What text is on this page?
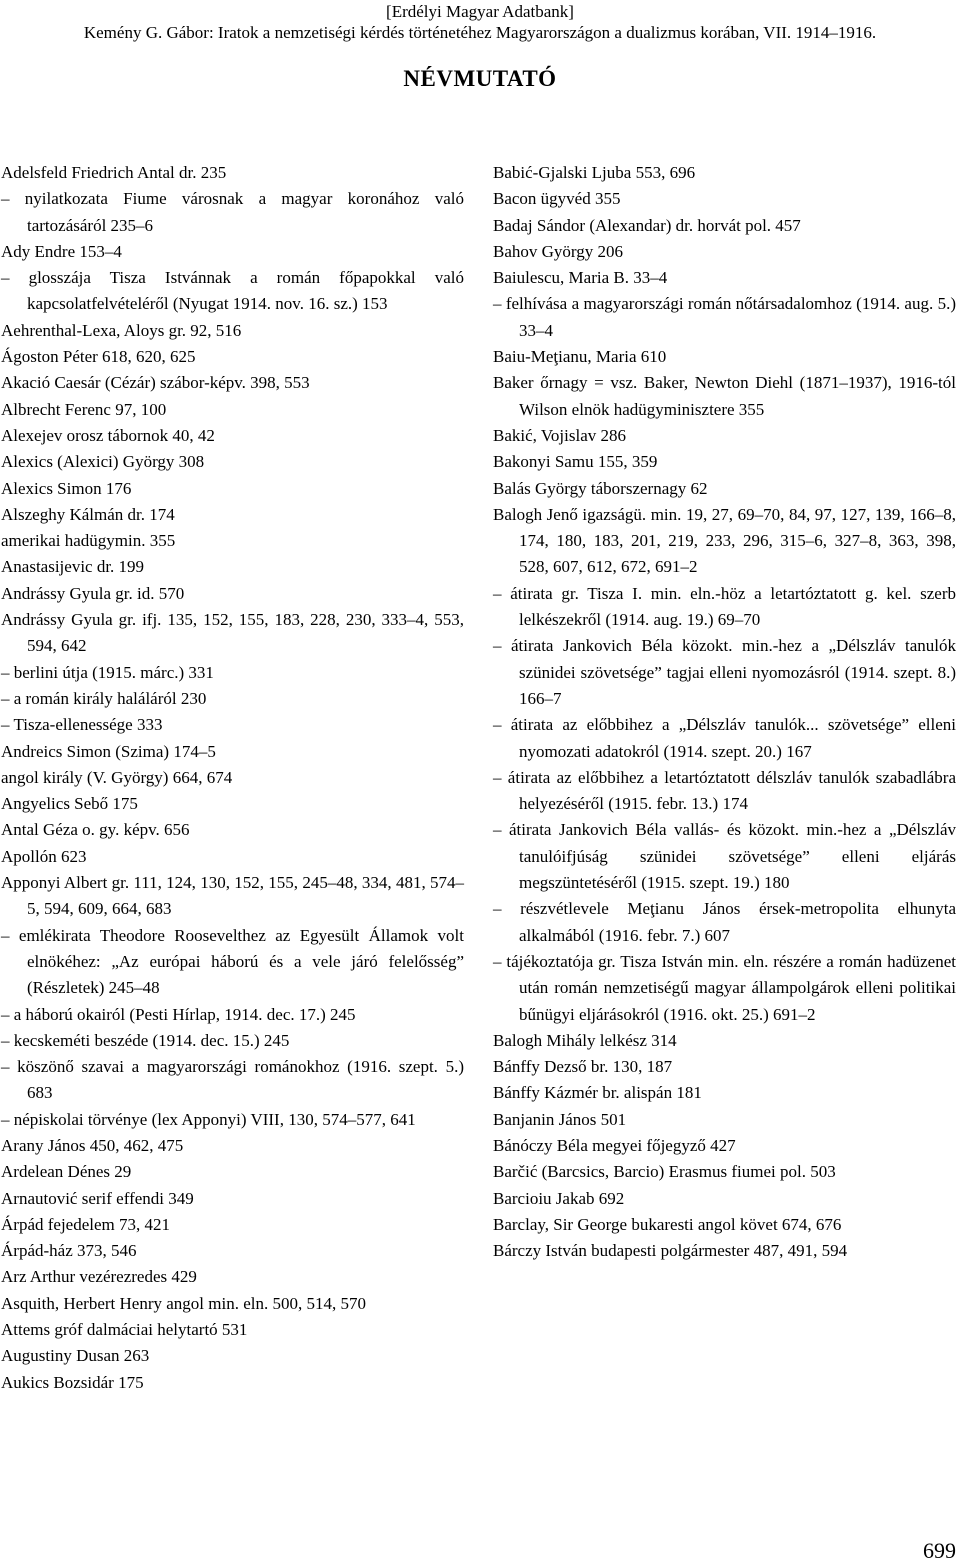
[Erdélyi Magyar Adatbank]
Kemény G. Gábor: Iratok a nemzetiségi kérdés történetéhez Magyarországon a dualizmus korában, VII. 1914–1916.
NÉVMUTATÓ

Adelsfeld Friedrich Antal dr. 235

– nyilatkozata Fiume városnak a magyar koronához való tartozásáról 235–6

Ady Endre 153–4

– glosszája Tisza Istvánnak a román főpapokkal való kapcsolatfelvételéről (Nyugat 1914. nov. 16. sz.) 153

Aehrenthal-Lexa, Aloys gr. 92, 516

Ágoston Péter 618, 620, 625

Akació Caesár (Cézár) szábor-képv. 398, 553

Albrecht Ferenc 97, 100

Alexejev orosz tábornok 40, 42

Alexics (Alexici) György 308

Alexics Simon 176

Alszeghy Kálmán dr. 174

amerikai hadügymin. 355

Anastasijevic dr. 199

Andrássy Gyula gr. id. 570

Andrássy Gyula gr. ifj. 135, 152, 155, 183, 228, 230, 333–4, 553, 594, 642

– berlini útja (1915. márc.) 331

– a román király haláláról 230

– Tisza-ellenessége 333

Andreics Simon (Szima) 174–5

angol király (V. György) 664, 674

Angyelics Sebő 175

Antal Géza o. gy. képv. 656

Apollón 623

Apponyi Albert gr. 111, 124, 130, 152, 155, 245–48, 334, 481, 574–5, 594, 609, 664, 683

– emlékirata Theodore Roosevelthez az Egyesült Államok volt elnökéhez: „Az európai háború és a vele járó felelősség” (Részletek) 245–48

– a háború okairól (Pesti Hírlap, 1914. dec. 17.) 245

– kecskeméti beszéde (1914. dec. 15.) 245

– köszönő szavai a magyarországi románokhoz (1916. szept. 5.) 683

– népiskolai törvénye (lex Apponyi) VIII, 130, 574–577, 641

Arany János 450, 462, 475

Ardelean Dénes 29

Arnautović serif effendi 349

Árpád fejedelem 73, 421

Árpád-ház 373, 546

Arz Arthur vezérezredes 429

Asquith, Herbert Henry angol min. eln. 500, 514, 570

Attems gróf dalmáciai helytartó 531

Augustiny Dusan 263

Aukics Bozsidár 175

Babić-Gjalski Ljuba 553, 696

Bacon ügyvéd 355

Badaj Sándor (Alexandar) dr. horvát pol. 457

Bahov György 206

Baiulescu, Maria B. 33–4

– felhívása a magyarországi román nőtársadalomhoz (1914. aug. 5.) 33–4

Baiu-Meţianu, Maria 610

Baker őrnagy = vsz. Baker, Newton Diehl (1871–1937), 1916-tól Wilson elnök hadügyminisztere 355

Bakić, Vojislav 286

Bakonyi Samu 155, 359

Balás György táborszernagy 62

Balogh Jenő igazságü. min. 19, 27, 69–70, 84, 97, 127, 139, 166–8, 174, 180, 183, 201, 219, 233, 296, 315–6, 327–8, 363, 398, 528, 607, 612, 672, 691–2

– átirata gr. Tisza I. min. eln.-höz a letartóztatott g. kel. szerb lelkészekről (1914. aug. 19.) 69–70

– átirata Jankovich Béla közokt. min.-hez a „Délszláv tanulók szünidei szövetsége” tagjai elleni nyomozásról (1914. szept. 8.) 166–7

– átirata az előbbihez a „Délszláv tanulók... szövetsége” elleni nyomozati adatokról (1914. szept. 20.) 167

– átirata az előbbihez a letartóztatott délszláv tanulók szabadlábra helyezéséről (1915. febr. 13.) 174

– átirata Jankovich Béla vallás- és közokt. min.-hez a „Délszláv tanulóifjúság szünidei szövetsége” elleni eljárás megszüntetéséről (1915. szept. 19.) 180

– részvétlevele Meţianu János érsek-metropolita elhunyta alkalmából (1916. febr. 7.) 607

– tájékoztatója gr. Tisza István min. eln. részére a román hadüzenet után román nemzetiségű magyar állampolgárok elleni politikai bűnügyi eljárásokról (1916. okt. 25.) 691–2

Balogh Mihály lelkész 314

Bánffy Dezső br. 130, 187

Bánffy Kázmér br. alispán 181

Banjanin János 501

Bánóczy Béla megyei főjegyző 427

Barčić (Barcsics, Barcio) Erasmus fiumei pol. 503

Barcioiu Jakab 692

Barclay, Sir George bukaresti angol követ 674, 676

Bárczy István budapesti polgármester 487, 491, 594

699
